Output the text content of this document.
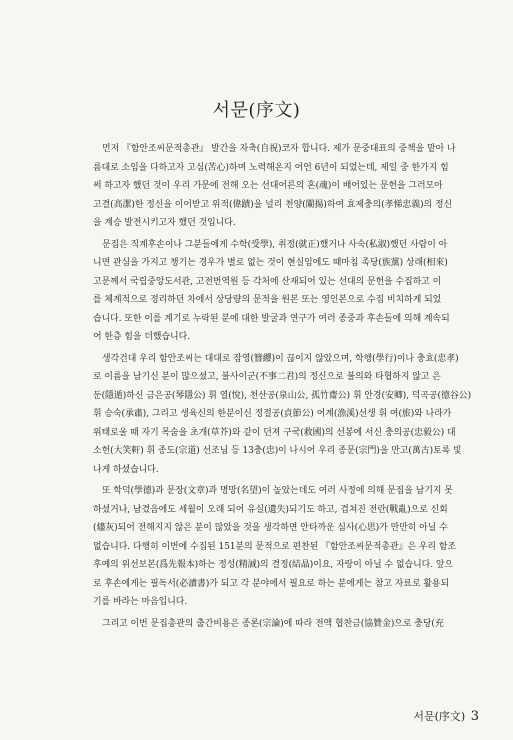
서문(序文)
먼저 『함안조씨문적총관』 발간을 자축(自祝)코자 합니다. 제가 문중대표의 중책을 맡아 나
름대로 소임을 다하고자 고심(苦心)하며 노력해온지 어언 6년이 되었는데, 제일 중 한가지 힘
써 하고자 했던 것이 우리 가문에 전해 오는 선대어른의 혼(魂)이 배어있는 문헌을 그러모아
고결(高潔)한 정신을 이어받고 위적(偉蹟)을 널리 천양(闡揚)하여 효제충의(孝悌忠義)의 정신
을 계승 발전시키고자 했던 것입니다.
문집은 직계후손이나 그분들에게 수학(受學), 취정(就正)했거나 사숙(私淑)했던 사람이 아
니면 관심을 가지고 챙기는 경우가 별로 없는 것이 현실임에도 때마침 족당(族黨) 상래(相來)
고문께서 국립중앙도서관, 고전번역원 등 각처에 산재되어 있는 선대의 문헌을 수집하고 이
를 체계적으로 정리하던 차에서 상당량의 문적을 원본 또는 영인본으로 수집 비치하게 되었
습니다. 또한 이를 계기로 누락된 분에 대한 발굴과 연구가 여러 종중과 후손들에 의해 계속되
어 한층 힘을 더했습니다.
생각건대 우리 함안조씨는 대대로 잠영(簪纓)이 끊이지 않았으며, 학행(學行)이나 충효(忠孝)
로 이름을 남기신 분이 많으셨고, 불사이군(不事二君)의 정신으로 불의와 타협하지 않고 은
둔(隱遁)하신 금은공(琴隱公) 휘 열(悅), 천산공(泉山公, 孤竹齋公) 휘 안경(安卿), 덕곡공(德谷公)
휘 승숙(承肅), 그리고 생육신의 한분이신 정절공(貞節公) 어계(漁溪)선생 휘 여(旅)와 나라가
위태로울 때 자기 목숨을 초개(草芥)와 같이 던져 구국(救國)의 선봉에 서신 충의공(忠毅公) 대
소헌(大笑軒) 휘 종도(宗道) 선조님 등 13충(忠)이 나시어 우리 종문(宗門)을 만고(萬古)토록 빛
나게 하셨습니다.
또 학덕(學德)과 문장(文章)과 명망(名望)이 높았는데도 여러 사정에 의해 문집을 남기지 못
하셨거나, 남겼음에도 세월이 오래 되어 유실(遺失)되기도 하고, 겹쳐진 전란(戰亂)으로 신회
(燼灰)되어 전해지지 않은 분이 많았을 것을 생각하면 안타까운 심사(心思)가 만만히 아닐 수
없습니다. 다행히 이번에 수집된 151분의 문적으로 편찬된 『함안조씨문적총관』은 우리 함조
후예의 위선보본(爲先報本)하는 정성(精誠)의 결정(結晶)이요, 자랑이 아닐 수 없습니다. 앞으
로 후손에게는 필독서(必讀書)가 되고 각 분야에서 필요로 하는 분에게는 참고 자료로 활용되
기를 바라는 마음입니다.
그리고 이번 문집총관의 출간비용은 종론(宗論)에 따라 전액 협찬금(協贊金)으로 충당(充
서문(序文) 3
